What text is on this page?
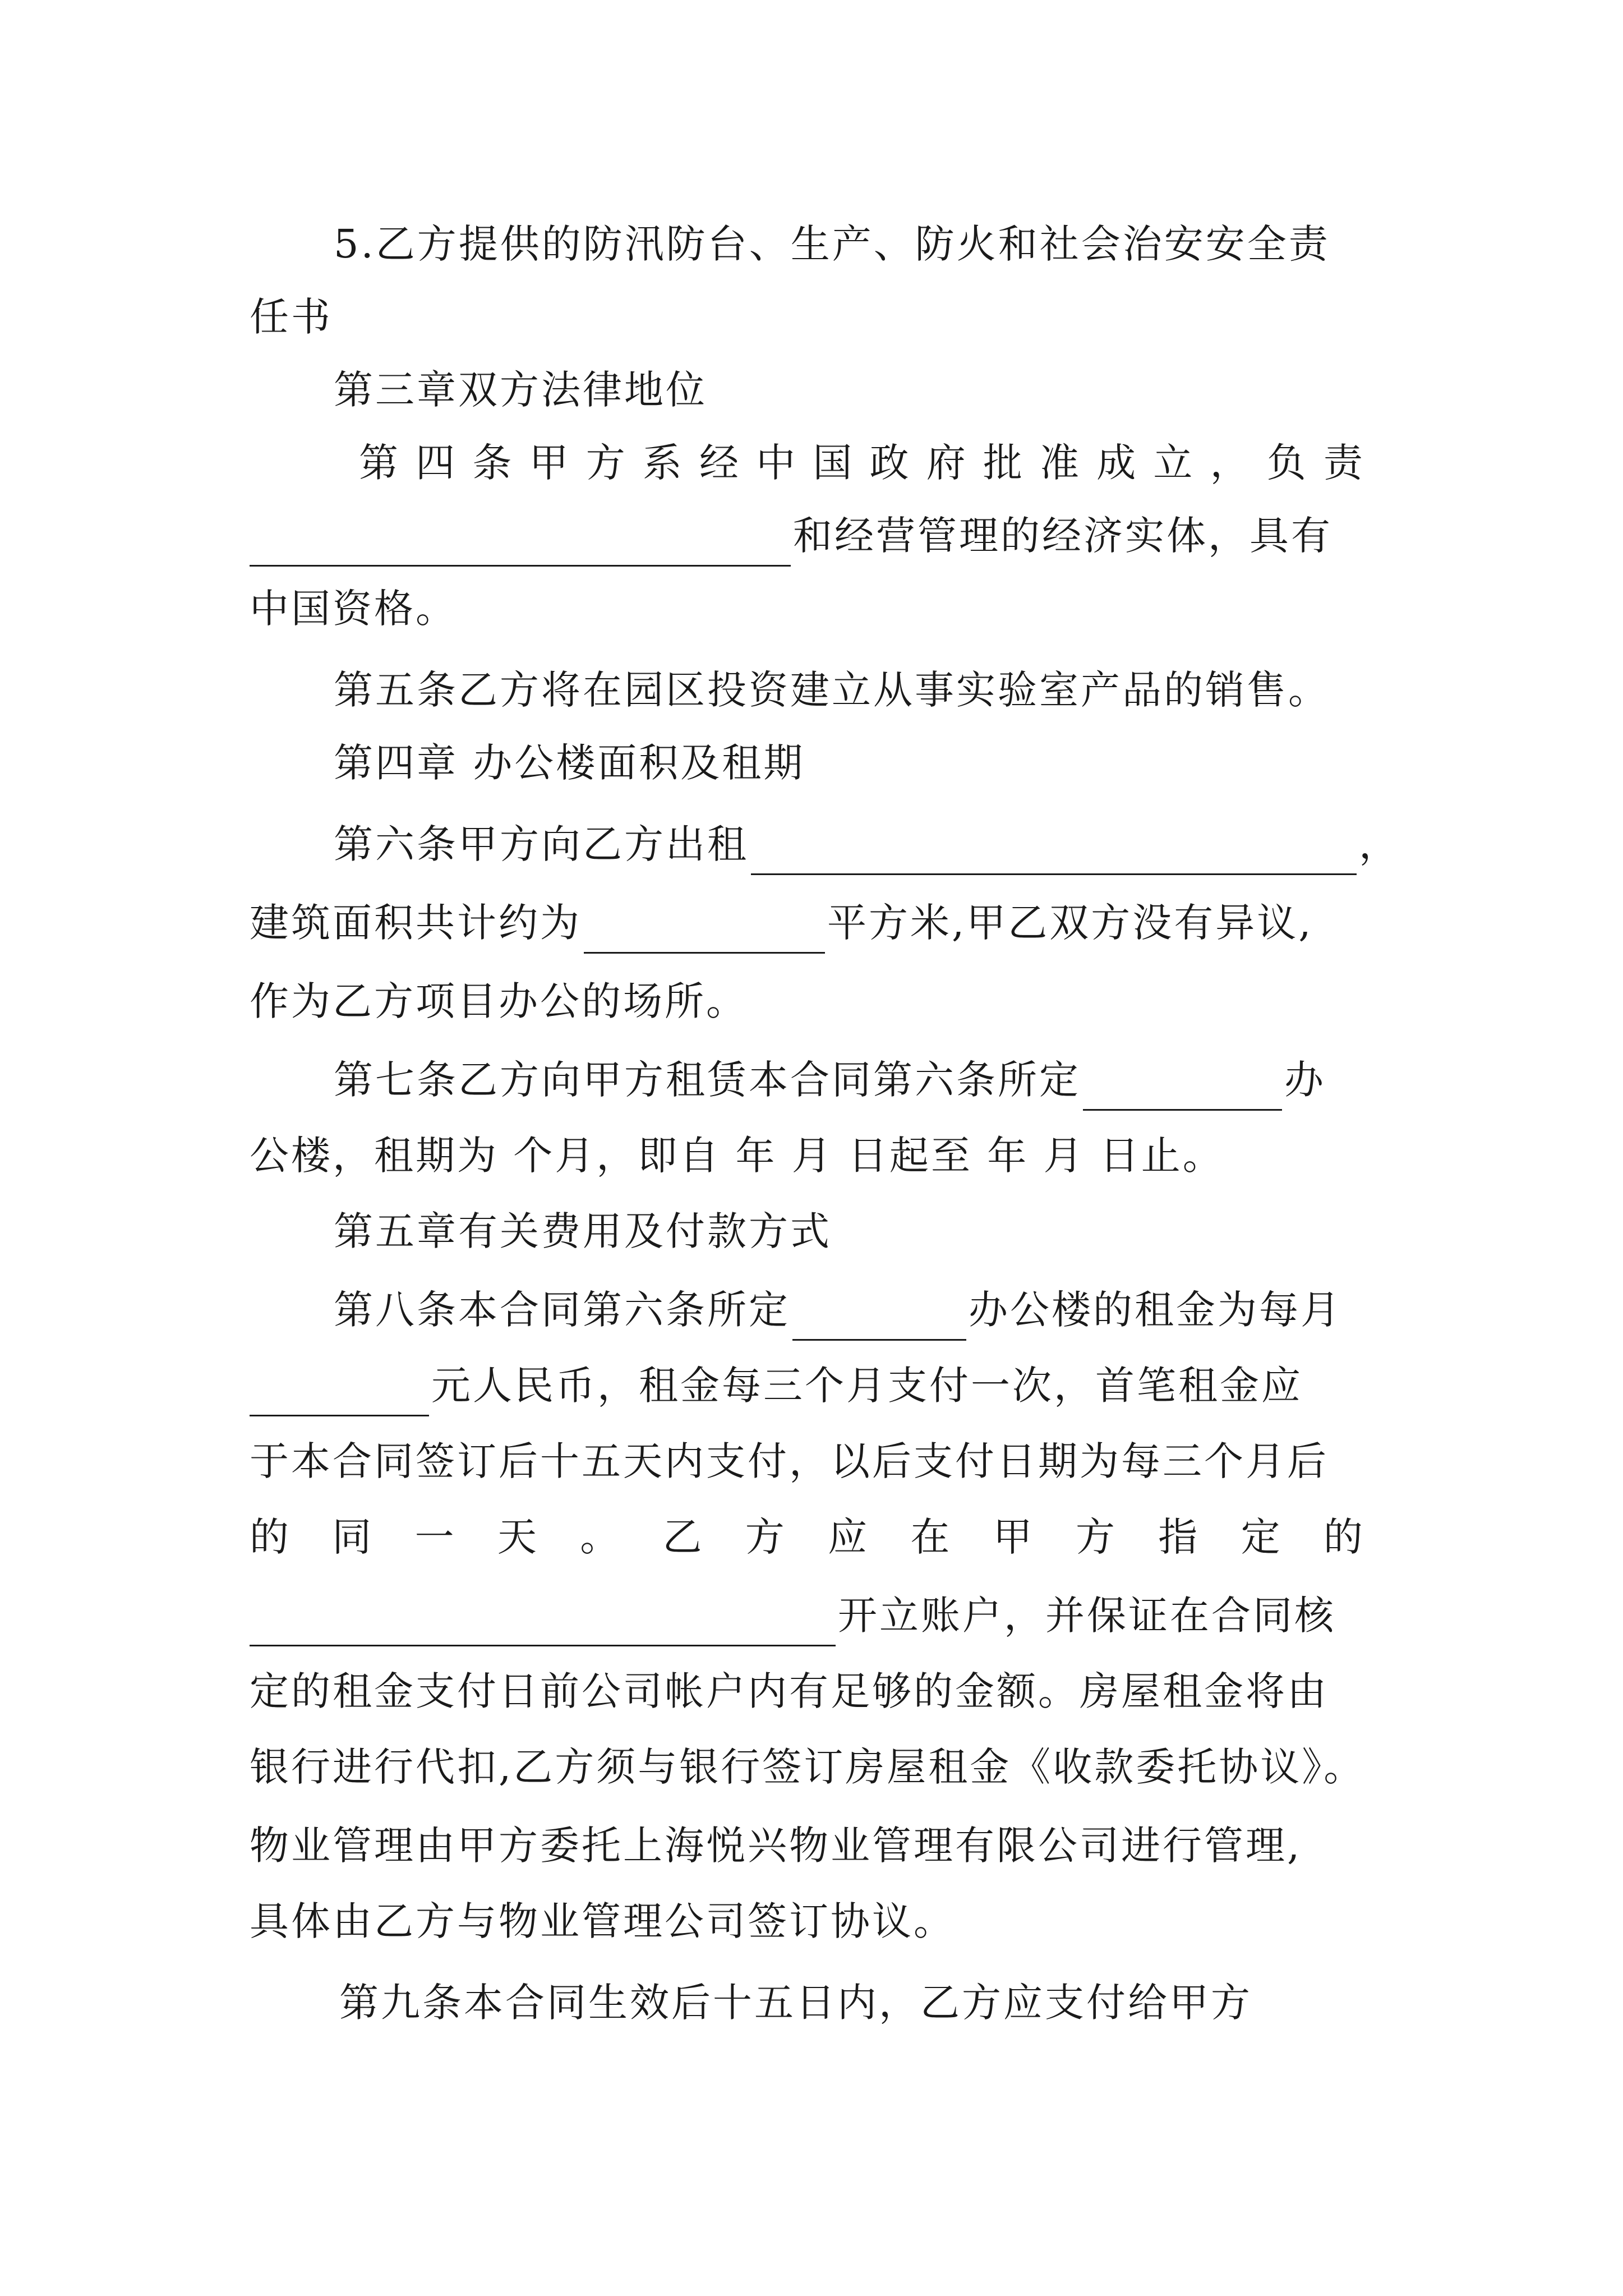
5.乙方提供的防汛防台、生产、防火和社会治安安全责
任书
第三章双方法律地位
第 四 条 甲 方 系 经 中 国 政 府 批 准 成 立 ， 负 责
和经营管理的经济实体，具有
中国资格。
第五条乙方将在园区投资建立从事实验室产品的销售。
第四章 办公楼面积及租期
第六条甲方向乙方出租	，
建筑面积共计约为	平方米,甲乙双方没有异议,
作为乙方项目办公的场所。
第七条乙方向甲方租赁本合同第六条所定	办
公楼，租期为 个月，即自 年 月 日起至 年 月 日止。
第五章有关费用及付款方式
第八条本合同第六条所定	办公楼的租金为每月
元人民币，租金每三个月支付一次，首笔租金应
于本合同签订后十五天内支付，以后支付日期为每三个月后
的 同 一 天 。 乙 方 应 在 甲 方 指 定 的
开立账户，并保证在合同核
定的租金支付日前公司帐户内有足够的金额。房屋租金将由
银行进行代扣,乙方须与银行签订房屋租金《收款委托协议》。
物业管理由甲方委托上海悦兴物业管理有限公司进行管理,
具体由乙方与物业管理公司签订协议。
第九条本合同生效后十五日内，乙方应支付给甲方
